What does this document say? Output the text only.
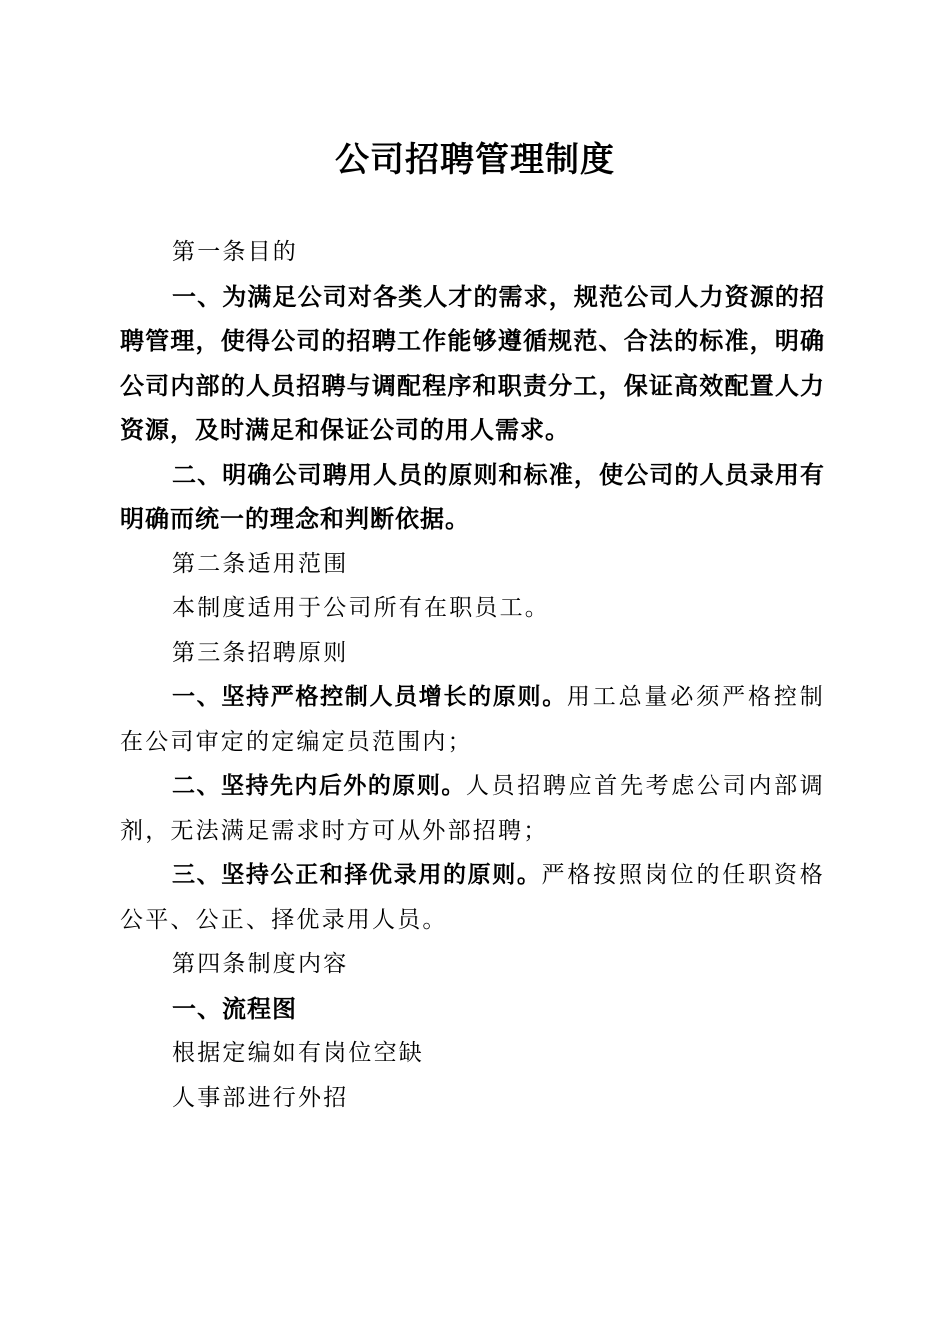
公司招聘管理制度

第一条目的

一、为满足公司对各类人才的需求，规范公司人力资源的招聘管理，使得公司的招聘工作能够遵循规范、合法的标准，明确公司内部的人员招聘与调配程序和职责分工，保证高效配置人力资源，及时满足和保证公司的用人需求。

二、明确公司聘用人员的原则和标准，使公司的人员录用有明确而统一的理念和判断依据。

第二条适用范围

本制度适用于公司所有在职员工。

第三条招聘原则

一、坚持严格控制人员增长的原则。用工总量必须严格控制在公司审定的定编定员范围内；

二、坚持先内后外的原则。人员招聘应首先考虑公司内部调剂，无法满足需求时方可从外部招聘；

三、坚持公正和择优录用的原则。严格按照岗位的任职资格公平、公正、择优录用人员。

第四条制度内容

一、流程图

根据定编如有岗位空缺

人事部进行外招
